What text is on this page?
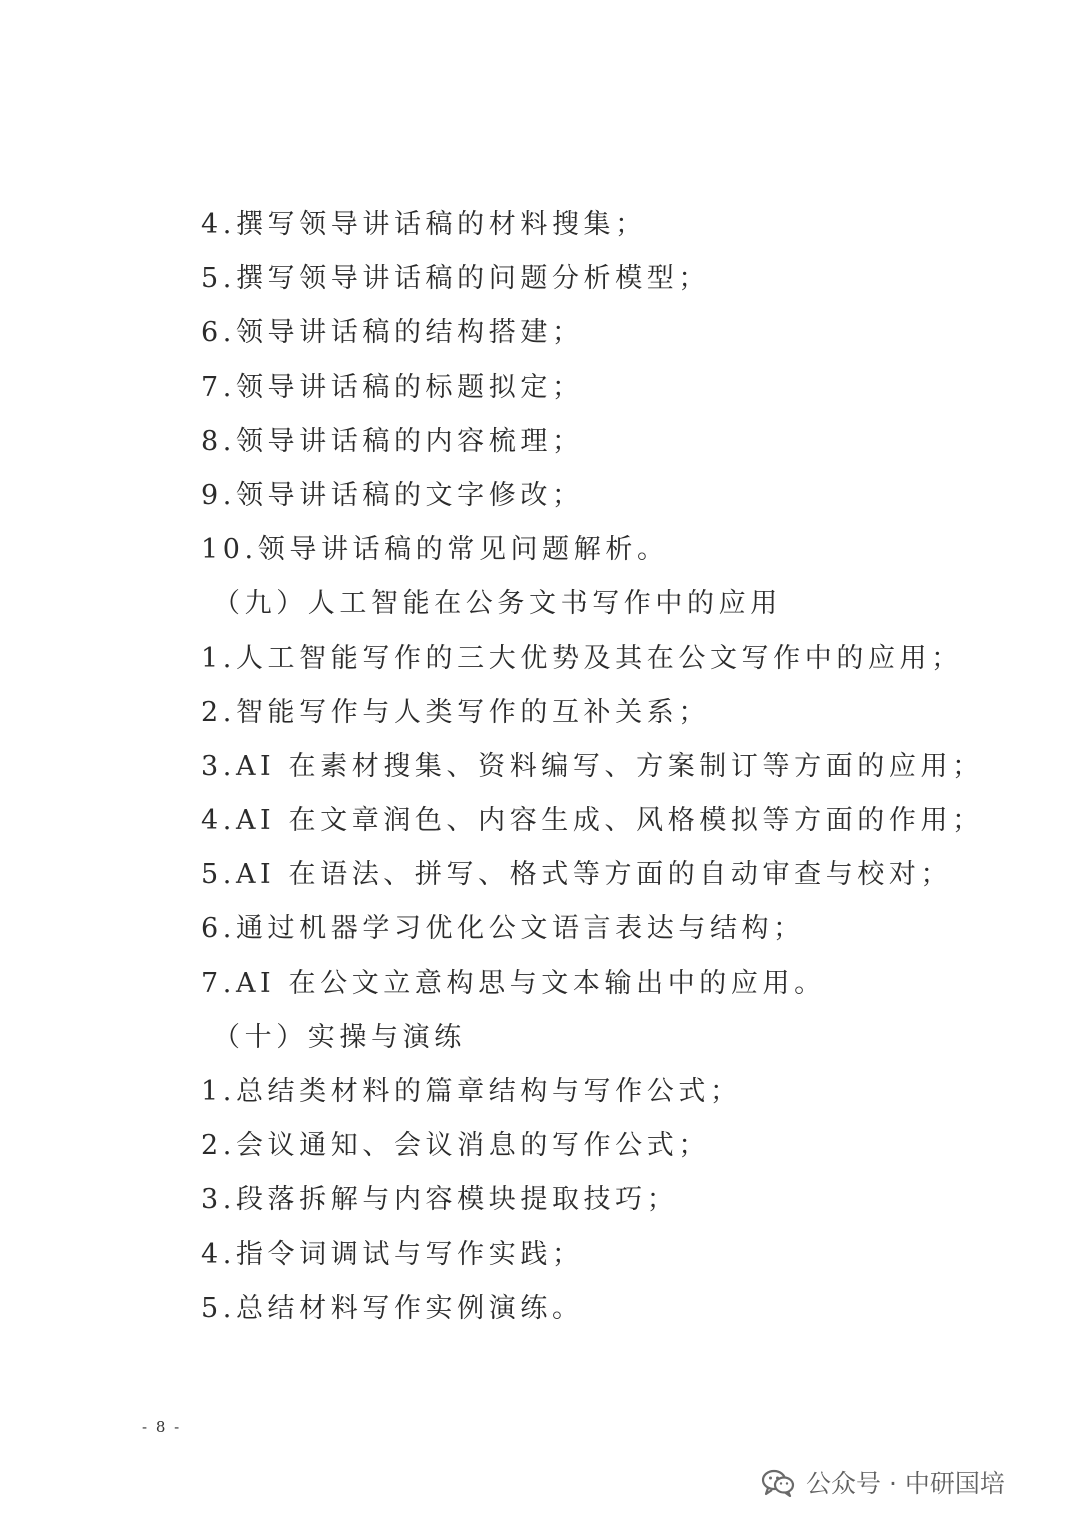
4.撰写领导讲话稿的材料搜集；
5.撰写领导讲话稿的问题分析模型；
6.领导讲话稿的结构搭建；
7.领导讲话稿的标题拟定；
8.领导讲话稿的内容梳理；
9.领导讲话稿的文字修改；
10.领导讲话稿的常见问题解析。
（九）人工智能在公务文书写作中的应用
1.人工智能写作的三大优势及其在公文写作中的应用；
2.智能写作与人类写作的互补关系；
3.AI 在素材搜集、资料编写、方案制订等方面的应用；
4.AI 在文章润色、内容生成、风格模拟等方面的作用；
5.AI 在语法、拼写、格式等方面的自动审查与校对；
6.通过机器学习优化公文语言表达与结构；
7.AI 在公文立意构思与文本输出中的应用。
（十）实操与演练
1.总结类材料的篇章结构与写作公式；
2.会议通知、会议消息的写作公式；
3.段落拆解与内容模块提取技巧；
4.指令词调试与写作实践；
5.总结材料写作实例演练。
- 8 -
公众号 · 中研国培
